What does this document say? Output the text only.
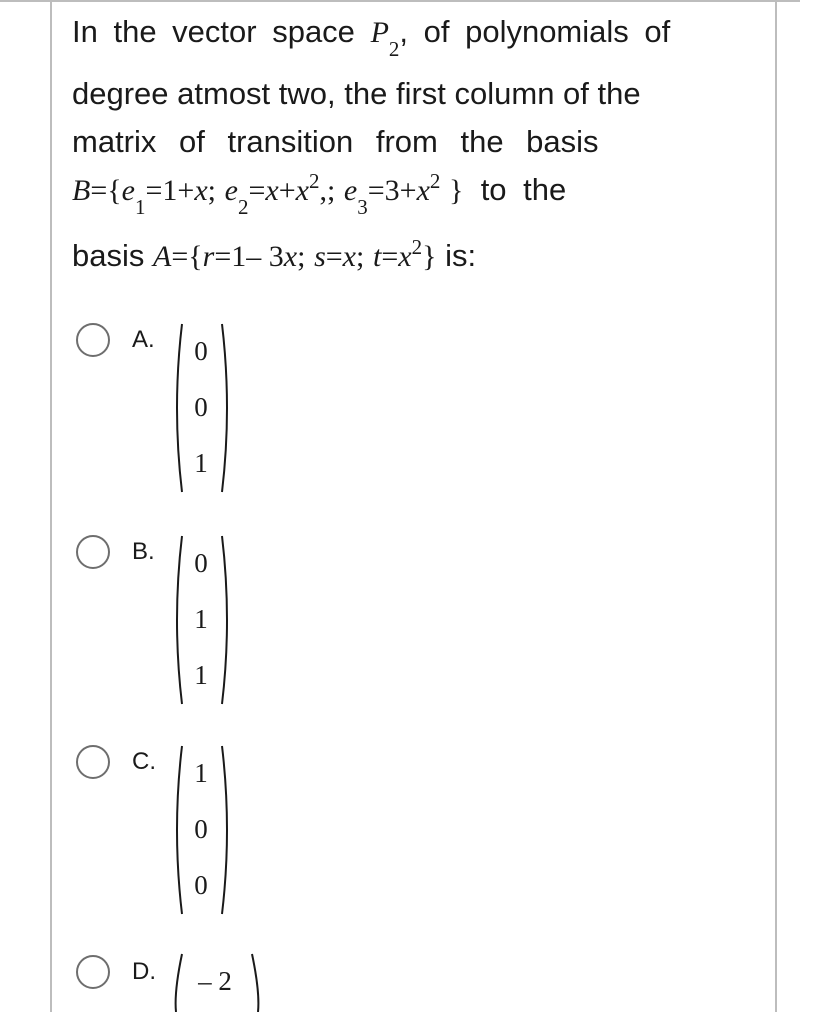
In the vector space $P_2$, of polynomials of
degree atmost two, the first column of the
matrix of transition from the basis
$B=\{e_1=1+x$; $e_2=x+x^2$,; $e_3=3+x^2$ } to the
basis A={r=1– 3x; s=x; $t=x^2$} is:
A.	0
0
1
B.	0
1
1
C.	1
0
0
D.	– 2
